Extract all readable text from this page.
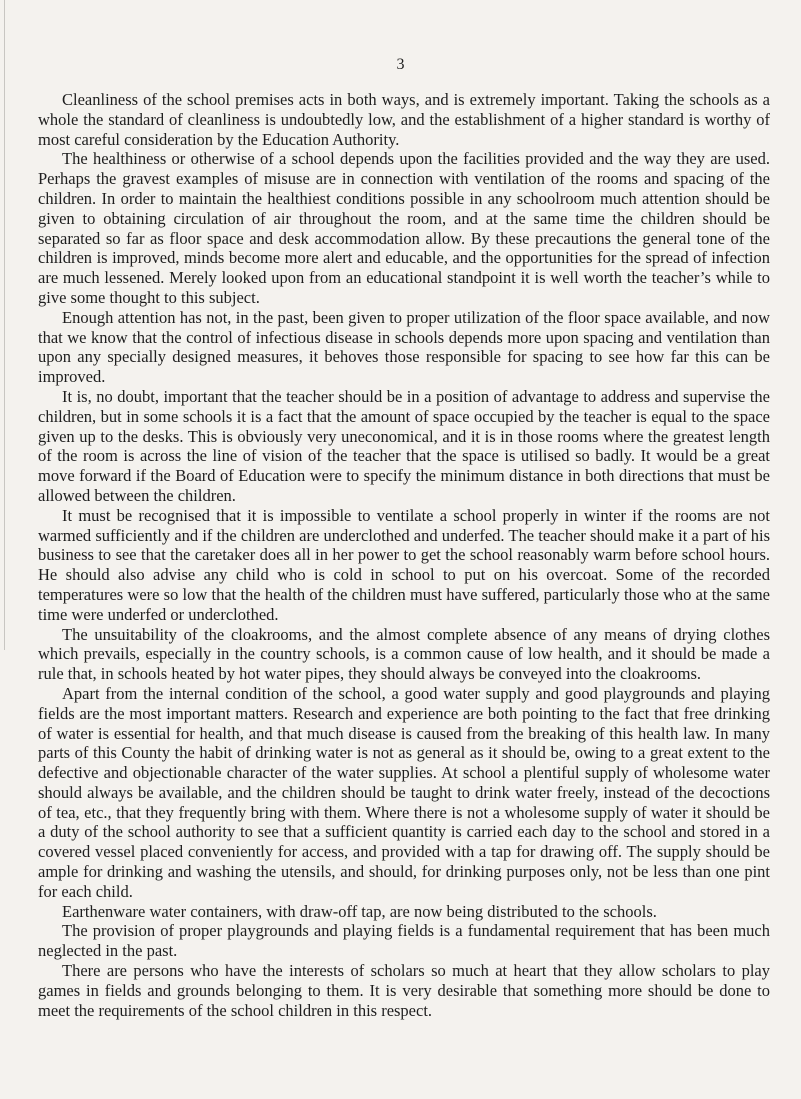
3

Cleanliness of the school premises acts in both ways, and is extremely important. Taking the schools as a whole the standard of cleanliness is undoubtedly low, and the establishment of a higher standard is worthy of most careful consideration by the Education Authority.

The healthiness or otherwise of a school depends upon the facilities provided and the way they are used. Perhaps the gravest examples of misuse are in connection with ventilation of the rooms and spacing of the children. In order to maintain the healthiest conditions possible in any schoolroom much attention should be given to obtaining circulation of air throughout the room, and at the same time the children should be separated so far as floor space and desk accommodation allow. By these precautions the general tone of the children is improved, minds become more alert and educable, and the opportunities for the spread of infection are much lessened. Merely looked upon from an educational standpoint it is well worth the teacher’s while to give some thought to this subject.

Enough attention has not, in the past, been given to proper utilization of the floor space available, and now that we know that the control of infectious disease in schools depends more upon spacing and ventilation than upon any specially designed measures, it behoves those responsible for spacing to see how far this can be improved.

It is, no doubt, important that the teacher should be in a position of advantage to address and supervise the children, but in some schools it is a fact that the amount of space occupied by the teacher is equal to the space given up to the desks. This is obviously very uneconomical, and it is in those rooms where the greatest length of the room is across the line of vision of the teacher that the space is utilised so badly. It would be a great move forward if the Board of Education were to specify the minimum distance in both directions that must be allowed between the children.

It must be recognised that it is impossible to ventilate a school properly in winter if the rooms are not warmed sufficiently and if the children are underclothed and underfed. The teacher should make it a part of his business to see that the caretaker does all in her power to get the school reasonably warm before school hours. He should also advise any child who is cold in school to put on his overcoat. Some of the recorded temperatures were so low that the health of the children must have suffered, particularly those who at the same time were underfed or underclothed.

The unsuitability of the cloakrooms, and the almost complete absence of any means of drying clothes which prevails, especially in the country schools, is a common cause of low health, and it should be made a rule that, in schools heated by hot water pipes, they should always be conveyed into the cloakrooms.

Apart from the internal condition of the school, a good water supply and good playgrounds and playing fields are the most important matters. Research and experience are both pointing to the fact that free drinking of water is essential for health, and that much disease is caused from the breaking of this health law. In many parts of this County the habit of drinking water is not as general as it should be, owing to a great extent to the defective and objectionable character of the water supplies. At school a plentiful supply of wholesome water should always be available, and the children should be taught to drink water freely, instead of the decoctions of tea, etc., that they frequently bring with them. Where there is not a wholesome supply of water it should be a duty of the school authority to see that a sufficient quantity is carried each day to the school and stored in a covered vessel placed conveniently for access, and provided with a tap for drawing off. The supply should be ample for drinking and washing the utensils, and should, for drinking purposes only, not be less than one pint for each child.

Earthenware water containers, with draw-off tap, are now being distributed to the schools.

The provision of proper playgrounds and playing fields is a fundamental requirement that has been much neglected in the past.

There are persons who have the interests of scholars so much at heart that they allow scholars to play games in fields and grounds belonging to them. It is very desirable that something more should be done to meet the requirements of the school children in this respect.
